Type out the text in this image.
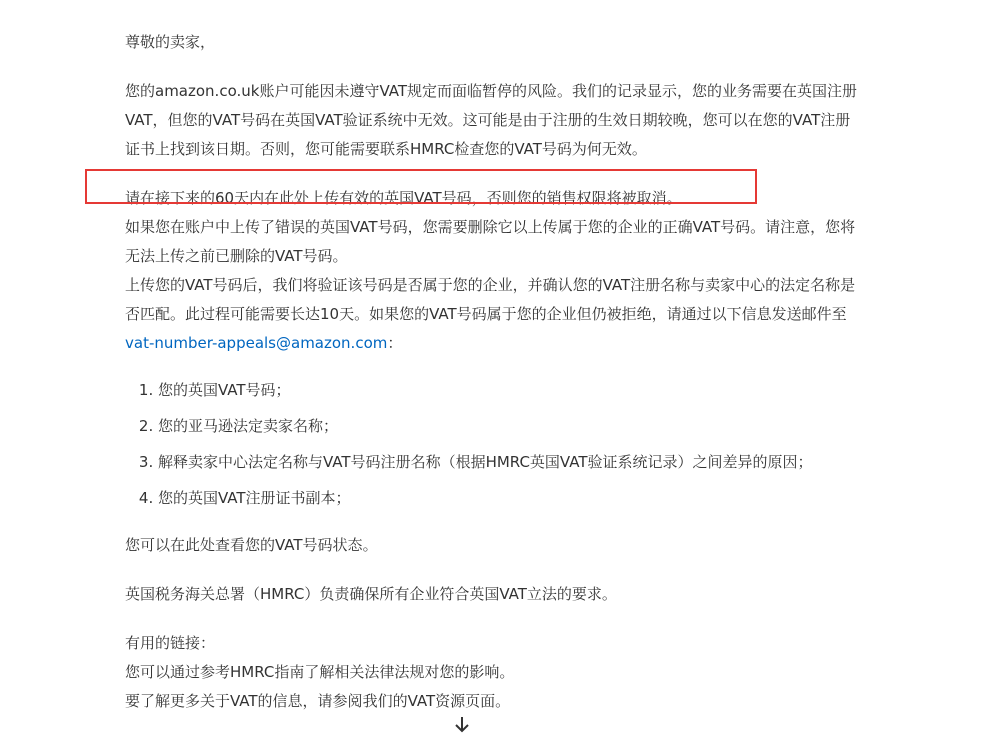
尊敬的卖家，

您的amazon.co.uk账户可能因未遵守VAT规定而面临暂停的风险。我们的记录显示，您的业务需要在英国注册VAT，但您的VAT号码在英国VAT验证系统中无效。这可能是由于注册的生效日期较晚，您可以在您的VAT注册证书上找到该日期。否则，您可能需要联系HMRC检查您的VAT号码为何无效。

请在接下来的60天内在此处上传有效的英国VAT号码，否则您的销售权限将被取消。

如果您在账户中上传了错误的英国VAT号码，您需要删除它以上传属于您的企业的正确VAT号码。请注意，您将无法上传之前已删除的VAT号码。

上传您的VAT号码后，我们将验证该号码是否属于您的企业，并确认您的VAT注册名称与卖家中心的法定名称是否匹配。此过程可能需要长达10天。如果您的VAT号码属于您的企业但仍被拒绝，请通过以下信息发送邮件至vat-number-appeals@amazon.com：

1. 您的英国VAT号码；
2. 您的亚马逊法定卖家名称；
3. 解释卖家中心法定名称与VAT号码注册名称（根据HMRC英国VAT验证系统记录）之间差异的原因；
4. 您的英国VAT注册证书副本；

您可以在此处查看您的VAT号码状态。

英国税务海关总署（HMRC）负责确保所有企业符合英国VAT立法的要求。

有用的链接：

您可以通过参考HMRC指南了解相关法律法规对您的影响。

要了解更多关于VAT的信息，请参阅我们的VAT资源页面。
